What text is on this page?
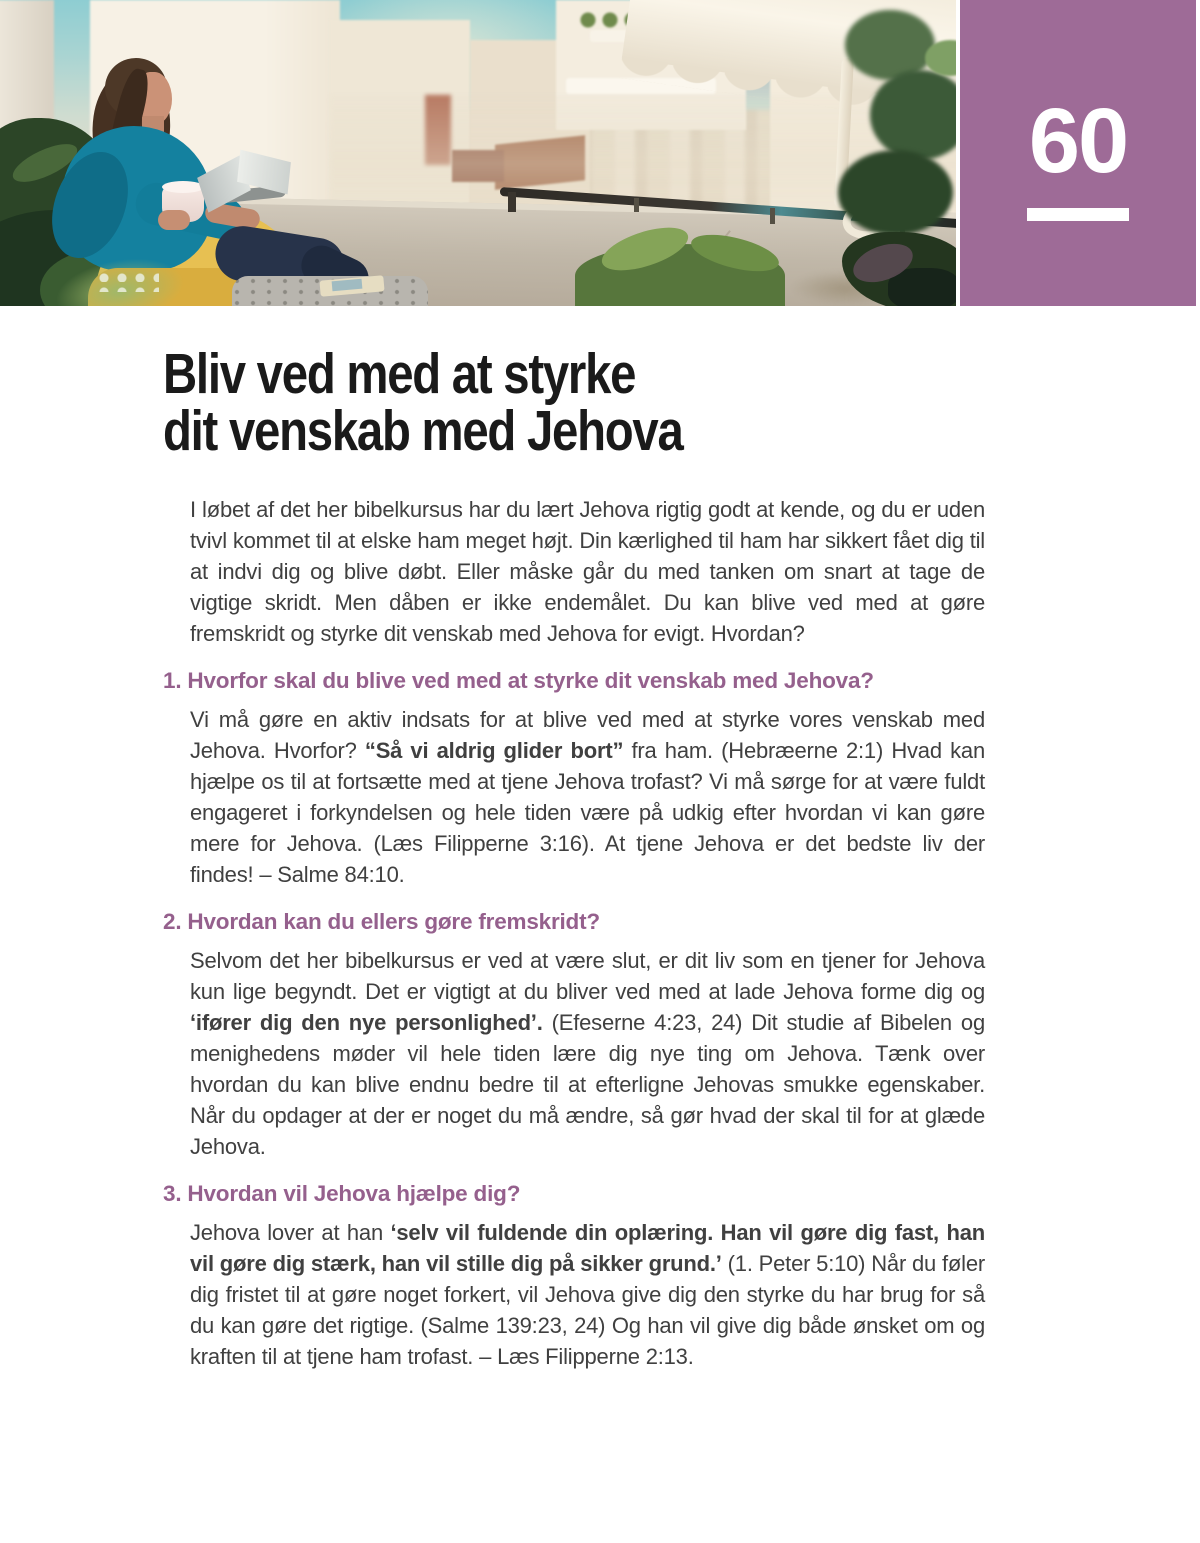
60
Bliv ved med at styrke
dit venskab med Jehova

I løbet af det her bibelkursus har du lært Jehova rigtig godt at kende, og du er uden tvivl kommet til at elske ham meget højt. Din kærlighed til ham har sikkert fået dig til at indvi dig og blive døbt. Eller måske går du med tanken om snart at tage de vigtige skridt. Men dåben er ikke endemålet. Du kan blive ved med at gøre fremskridt og styrke dit venskab med Jehova for evigt. Hvordan?

1. Hvorfor skal du blive ved med at styrke dit venskab med Jehova?

Vi må gøre en aktiv indsats for at blive ved med at styrke vores venskab med Jehova. Hvorfor? “Så vi aldrig glider bort” fra ham. (Hebræerne 2:1) Hvad kan hjælpe os til at fortsætte med at tjene Jehova trofast? Vi må sørge for at være fuldt engageret i forkyndelsen og hele tiden være på udkig efter hvordan vi kan gøre mere for Jehova. (Læs Filipperne 3:16). At tjene Jehova er det bedste liv der findes! – Salme 84:10.

2. Hvordan kan du ellers gøre fremskridt?

Selvom det her bibelkursus er ved at være slut, er dit liv som en tjener for Jehova kun lige begyndt. Det er vigtigt at du bliver ved med at lade Jehova forme dig og ‘ifører dig den nye personlighed’. (Efeserne 4:23, 24) Dit studie af Bibelen og menighedens møder vil hele tiden lære dig nye ting om Jehova. Tænk over hvordan du kan blive endnu bedre til at efterligne Jehovas smukke egenskaber. Når du opdager at der er noget du må ændre, så gør hvad der skal til for at glæde Jehova.

3. Hvordan vil Jehova hjælpe dig?

Jehova lover at han ‘selv vil fuldende din oplæring. Han vil gøre dig fast, han vil gøre dig stærk, han vil stille dig på sikker grund.’ (1. Peter 5:10) Når du føler dig fristet til at gøre noget forkert, vil Jehova give dig den styrke du har brug for så du kan gøre det rigtige. (Salme 139:23, 24) Og han vil give dig både ønsket om og kraften til at tjene ham trofast. – Læs Filipperne 2:13.
